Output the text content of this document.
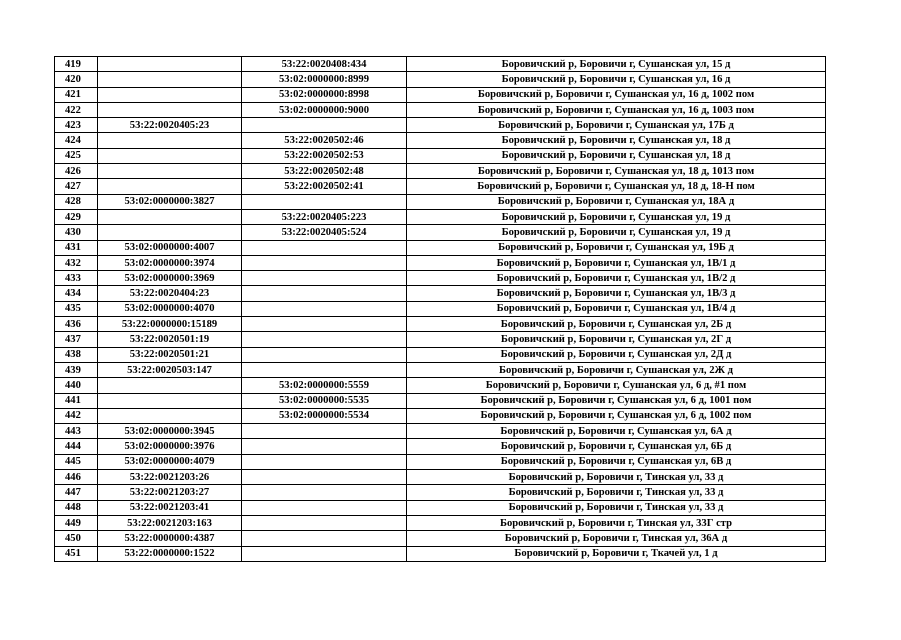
419		53:22:0020408:434	Боровичский р, Боровичи г, Сушанская ул, 15 д
420		53:02:0000000:8999	Боровичский р, Боровичи г, Сушанская ул, 16 д
421		53:02:0000000:8998	Боровичский р, Боровичи г, Сушанская ул, 16 д, 1002 пом
422		53:02:0000000:9000	Боровичский р, Боровичи г, Сушанская ул, 16 д, 1003 пом
423	53:22:0020405:23		Боровичский р, Боровичи г, Сушанская ул, 17Б д
424		53:22:0020502:46	Боровичский р, Боровичи г, Сушанская ул, 18 д
425		53:22:0020502:53	Боровичский р, Боровичи г, Сушанская ул, 18 д
426		53:22:0020502:48	Боровичский р, Боровичи г, Сушанская ул, 18 д, 1013 пом
427		53:22:0020502:41	Боровичский р, Боровичи г, Сушанская ул, 18 д, 18-Н пом
428	53:02:0000000:3827		Боровичский р, Боровичи г, Сушанская ул, 18А д
429		53:22:0020405:223	Боровичский р, Боровичи г, Сушанская ул, 19 д
430		53:22:0020405:524	Боровичский р, Боровичи г, Сушанская ул, 19 д
431	53:02:0000000:4007		Боровичский р, Боровичи г, Сушанская ул, 19Б д
432	53:02:0000000:3974		Боровичский р, Боровичи г, Сушанская ул, 1В/1 д
433	53:02:0000000:3969		Боровичский р, Боровичи г, Сушанская ул, 1В/2 д
434	53:22:0020404:23		Боровичский р, Боровичи г, Сушанская ул, 1В/3 д
435	53:02:0000000:4070		Боровичский р, Боровичи г, Сушанская ул, 1В/4 д
436	53:22:0000000:15189		Боровичский р, Боровичи г, Сушанская ул, 2Б д
437	53:22:0020501:19		Боровичский р, Боровичи г, Сушанская ул, 2Г д
438	53:22:0020501:21		Боровичский р, Боровичи г, Сушанская ул, 2Д д
439	53:22:0020503:147		Боровичский р, Боровичи г, Сушанская ул, 2Ж д
440		53:02:0000000:5559	Боровичский р, Боровичи г, Сушанская ул, 6 д, #1 пом
441		53:02:0000000:5535	Боровичский р, Боровичи г, Сушанская ул, 6 д, 1001 пом
442		53:02:0000000:5534	Боровичский р, Боровичи г, Сушанская ул, 6 д, 1002 пом
443	53:02:0000000:3945		Боровичский р, Боровичи г, Сушанская ул, 6А д
444	53:02:0000000:3976		Боровичский р, Боровичи г, Сушанская ул, 6Б д
445	53:02:0000000:4079		Боровичский р, Боровичи г, Сушанская ул, 6В д
446	53:22:0021203:26		Боровичский р, Боровичи г, Тинская ул, 33 д
447	53:22:0021203:27		Боровичский р, Боровичи г, Тинская ул, 33 д
448	53:22:0021203:41		Боровичский р, Боровичи г, Тинская ул, 33 д
449	53:22:0021203:163		Боровичский р, Боровичи г, Тинская ул, 33Г стр
450	53:22:0000000:4387		Боровичский р, Боровичи г, Тинская ул, 36А д
451	53:22:0000000:1522		Боровичский р, Боровичи г, Ткачей ул, 1 д
